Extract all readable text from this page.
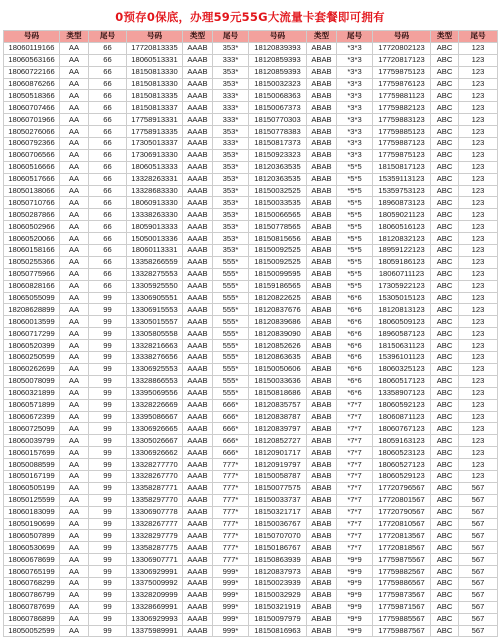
0预存0保底，办理59元55G大流量卡套餐即可拥有
号码	类型	尾号	号码	类型	尾号	号码	类型	尾号	号码	类型	尾号
18060119166	AA	66	17720813335	AAAB	353*	18120839393	ABAB	*3*3	17720802123	ABC	123
18060563166	AA	66	18060513331	AAAB	333*	18120859393	ABAB	*3*3	17720817123	ABC	123
18060722166	AA	66	18150813330	AAAB	353*	18120859393	ABAB	*3*3	17759875123	ABC	123
18060876266	AA	66	18150813330	AAAB	353*	18150032323	ABAB	*3*3	17759876123	ABC	123
18050518366	AA	66	18150813335	AAAB	333*	18150068363	ABAB	*3*3	17759881123	ABC	123
18060707466	AA	66	18150813337	AAAB	333*	18150067373	ABAB	*3*3	17759882123	ABC	123
18060701966	AA	66	17758913331	AAAB	333*	18150770303	ABAB	*3*3	17759883123	ABC	123
18050276066	AA	66	17758913335	AAAB	353*	18150778383	ABAB	*3*3	17759885123	ABC	123
18060792366	AA	66	17305013337	AAAB	333*	18150817373	ABAB	*3*3	17759887123	ABC	123
18060706566	AA	66	17306913330	AAAB	353*	18150923323	ABAB	*3*3	17759875123	ABC	123
18060516666	AA	66	18060513333	AAAB	353*	18120363535	ABAB	*5*5	18150817123	ABC	123
18060517666	AA	66	13328263331	AAAB	353*	18120363535	ABAB	*5*5	15359113123	ABC	123
18050138066	AA	66	13328683330	AAAB	353*	18150032525	ABAB	*5*5	15359753123	ABC	123
18050710766	AA	66	18060913330	AAAB	353*	18150033535	ABAB	*5*5	18960873123	ABC	123
18050287866	AA	66	13338263330	AAAB	353*	18150066565	ABAB	*5*5	18059021123	ABC	123
18060502966	AA	66	18059013333	AAAB	353*	18150778565	ABAB	*5*5	18060516123	ABC	123
18060520066	AA	66	15050013336	AAAB	353*	18150815656	ABAB	*5*5	18120832123	ABC	123
18060158166	AA	66	18060113331	AAAB	353*	18150092525	ABAB	*5*5	18959122123	ABC	123
18050255366	AA	66	13358266559	AAAB	555*	18150092525	ABAB	*5*5	18059186123	ABC	123
18050775966	AA	66	13328275553	AAAB	555*	18150099595	ABAB	*5*5	18060711123	ABC	123
18060828166	AA	66	13305925550	AAAB	555*	18159186565	ABAB	*5*5	17305922123	ABC	123
18065055099	AA	99	13306905551	AAAB	555*	18120822625	ABAB	*6*6	15305015123	ABC	123
18208628899	AA	99	13306915553	AAAB	555*	18120837676	ABAB	*6*6	18120813123	ABC	123
18060013599	AA	99	13305015557	AAAB	555*	18120839686	ABAB	*6*6	18060509123	ABC	123
18060717299	AA	99	13305805558	AAAB	555*	18120839090	ABAB	*6*6	18960587123	ABC	123
18060520399	AA	99	13328216663	AAAB	555*	18120852626	ABAB	*6*6	18150631123	ABC	123
18060250599	AA	99	13338276656	AAAB	555*	18120863635	ABAB	*6*6	15396101123	ABC	123
18060262699	AA	99	13306925553	AAAB	555*	18150050606	ABAB	*6*6	18060325123	ABC	123
18050078099	AA	99	13328866553	AAAB	555*	18150033636	ABAB	*6*6	18060517123	ABC	123
18060321899	AA	99	13395069556	AAAB	555*	18150818686	ABAB	*6*6	13358907123	ABC	123
18060571899	AA	99	13328226669	AAAB	666*	18120835757	ABAB	*7*7	18060592123	ABC	123
18060672399	AA	99	13395086667	AAAB	666*	18120838787	ABAB	*7*7	18060871123	ABC	123
18060725099	AA	99	13306926665	AAAB	666*	18120839797	ABAB	*7*7	18060767123	ABC	123
18060039799	AA	99	13305026667	AAAB	666*	18120852727	ABAB	*7*7	18059163123	ABC	123
18060157699	AA	99	13306926662	AAAB	666*	18120901717	ABAB	*7*7	18060523123	ABC	123
18050088599	AA	99	13328277770	AAAB	777*	18120919797	ABAB	*7*7	18060527123	ABC	123
18050167199	AA	99	13328267770	AAAB	777*	18150058787	ABAB	*7*7	18060529123	ABC	123
18060505199	AA	99	13358287771	AAAB	777*	18150077575	ABAB	*7*7	17720796567	ABC	567
18050125599	AA	99	13358297770	AAAB	777*	18150033737	ABAB	*7*7	17720801567	ABC	567
18060183099	AA	99	13306907778	AAAB	777*	18150321717	ABAB	*7*7	17720790567	ABC	567
18050190699	AA	99	13328267777	AAAB	777*	18150036767	ABAB	*7*7	17720810567	ABC	567
18060507899	AA	99	13328297779	AAAB	777*	18150707070	ABAB	*7*7	17720813567	ABC	567
18060530699	AA	99	13358287775	AAAB	777*	18150186767	ABAB	*7*7	17720818567	ABC	567
18060678699	AA	99	13306907771	AAAB	777*	18150863939	ABAB	*9*9	17759875567	ABC	567
18060765199	AA	99	13306929991	AAAB	999*	18120837973	ABAB	*9*9	17759882567	ABC	567
18060768299	AA	99	13375009992	AAAB	999*	18150023939	ABAB	*9*9	17759886567	ABC	567
18060786799	AA	99	13328209999	AAAB	999*	18150032929	ABAB	*9*9	17759873567	ABC	567
18060787699	AA	99	13328669991	AAAB	999*	18150321919	ABAB	*9*9	17759871567	ABC	567
18060786899	AA	99	13306929993	AAAB	999*	18150097979	ABAB	*9*9	17759885567	ABC	567
18050052599	AA	99	13375989991	AAAB	999*	18150816963	ABAB	*9*9	17759887567	ABC	567
